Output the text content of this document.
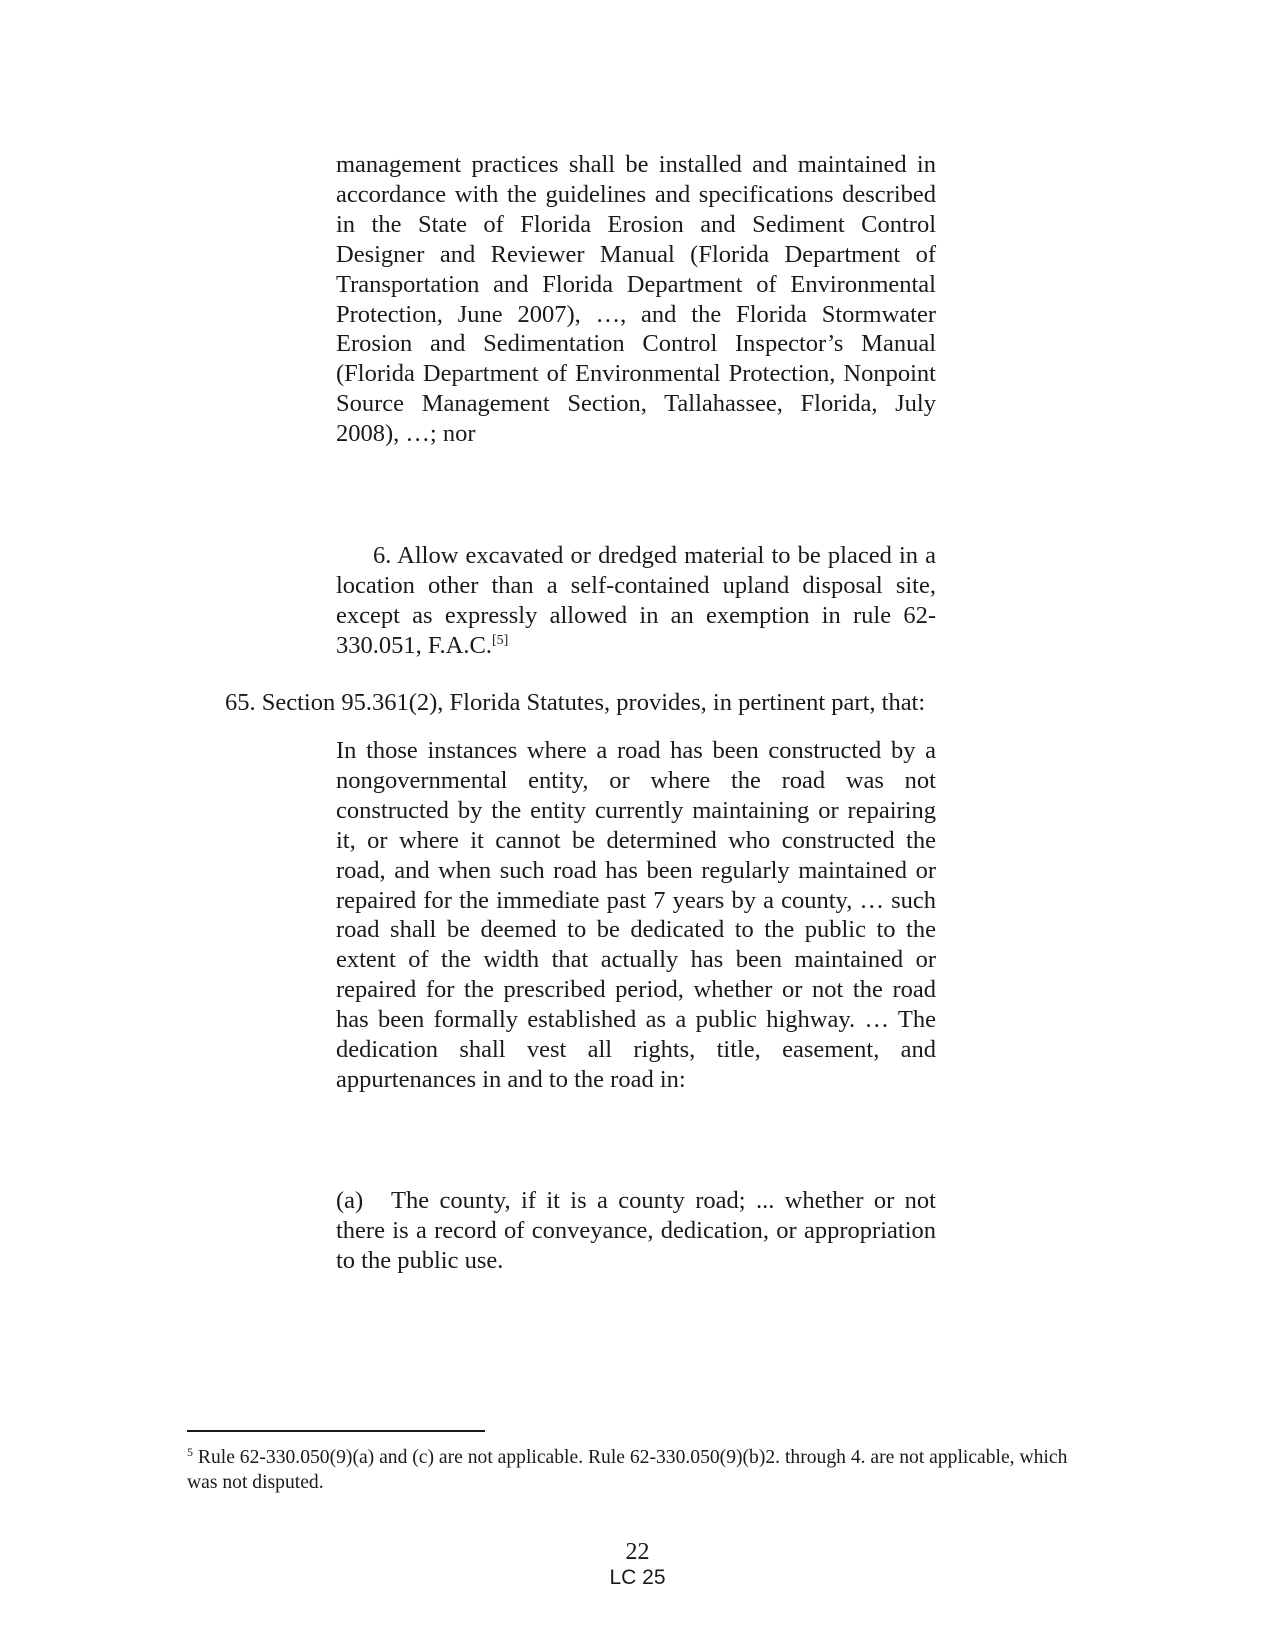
management practices shall be installed and maintained in accordance with the guidelines and specifications described in the State of Florida Erosion and Sediment Control Designer and Reviewer Manual (Florida Department of Transportation and Florida Department of Environmental Protection, June 2007), …, and the Florida Stormwater Erosion and Sedimentation Control Inspector’s Manual (Florida Department of Environmental Protection, Nonpoint Source Management Section, Tallahassee, Florida, July 2008), …; nor
6. Allow excavated or dredged material to be placed in a location other than a self-contained upland disposal site, except as expressly allowed in an exemption in rule 62-330.051, F.A.C.[5]
65. Section 95.361(2), Florida Statutes, provides, in pertinent part, that:
In those instances where a road has been constructed by a nongovernmental entity, or where the road was not constructed by the entity currently maintaining or repairing it, or where it cannot be determined who constructed the road, and when such road has been regularly maintained or repaired for the immediate past 7 years by a county, … such road shall be deemed to be dedicated to the public to the extent of the width that actually has been maintained or repaired for the prescribed period, whether or not the road has been formally established as a public highway. … The dedication shall vest all rights, title, easement, and appurtenances in and to the road in:
(a) The county, if it is a county road; ... whether or not there is a record of conveyance, dedication, or appropriation to the public use.
$^5$ Rule 62-330.050(9)(a) and (c) are not applicable. Rule 62-330.050(9)(b)2. through 4. are not applicable, which was not disputed.
22
LC 25
